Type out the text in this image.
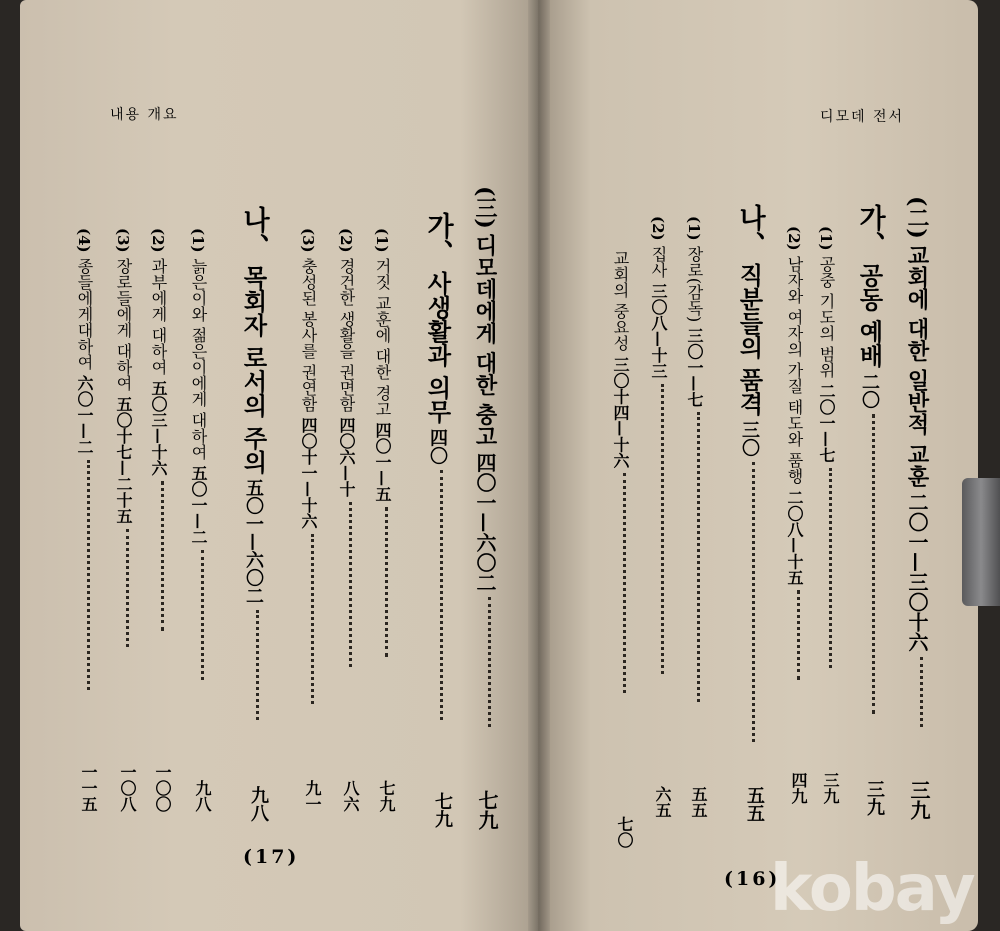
내용 개요	디모데 전서
(17)
(16)
(三) 디모데에게 대한 충고 四〇一—六〇二
七九
가、 사생활과 의무 四〇
七九
(1) 거짓 교훈에 대한 경고 四〇一—五
七九
(2) 경건한 생활을 권면함 四〇六—十
八六
(3) 충성된 봉사를 권연함 四〇十一—十六
九一
나、 목회자 로서의 주의 五〇一—六〇二
九八
(1) 늙은이와 젊은이에게 대하여 五〇一—二
九八
(2) 과부에게 대하여 五〇三—十六
一〇〇
(3) 장로들에게 대하여 五〇十七—二十五
一〇八
(4) 종들에게대하여 六〇一—二
一一五
(二) 교회에 대한 일반적 교훈 二〇一—三〇十六
三九
가、 공동 예배 二〇
三九
(1) 공중 기도의 범위 二〇一—七
三九
(2) 남자와 여자의 가질 태도와 품행 二〇八—十五
四九
나、 직분들의 품격 三〇
五五
(1) 장로(감독) 三〇一—七
五五
(2) 집사 三〇八—十三
六五
교회의 중요성 三〇十四—十六
七〇
kobay
